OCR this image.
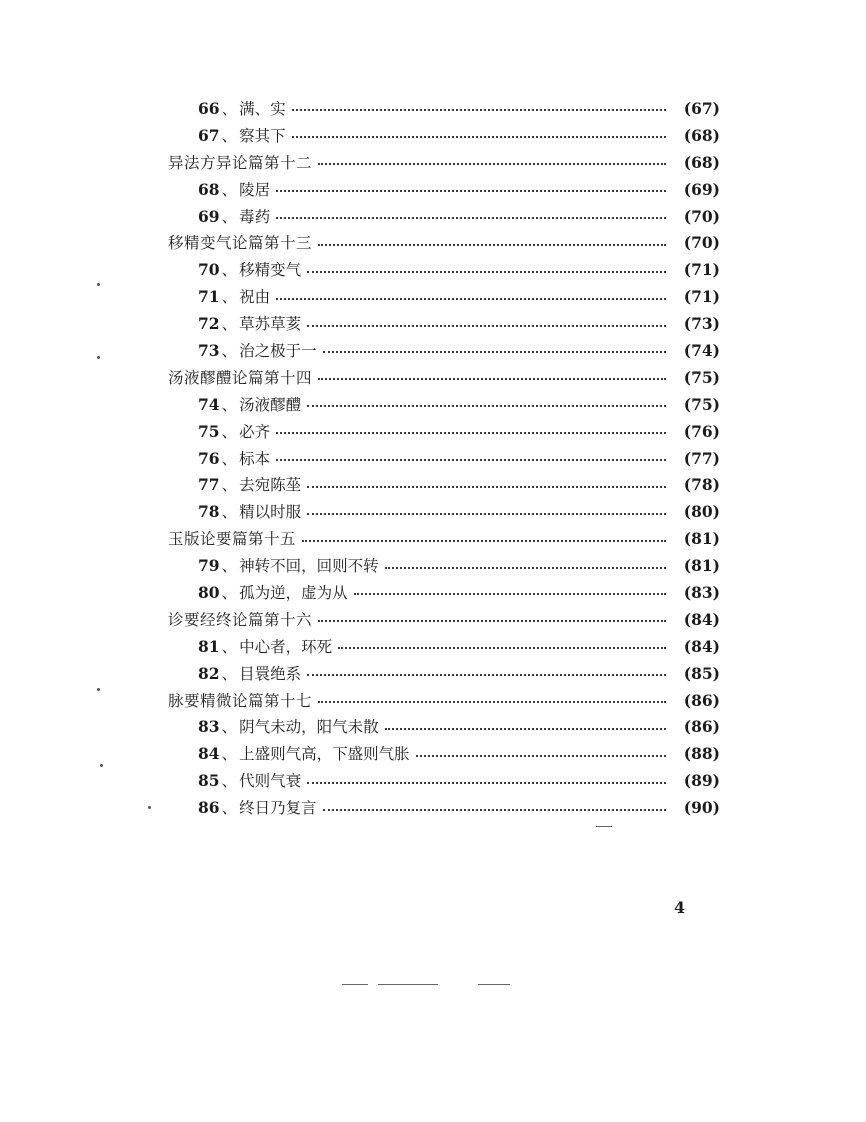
66 、 满、实	(67)
67 、 察其下	(68)
异法方异论篇第十二	(68)
68 、 陵居	(69)
69 、 毒药	(70)
移精变气论篇第十三	(70)
70 、 移精变气	(71)
71 、 祝由	(71)
72 、 草苏草荄	(73)
73 、 治之极于一	(74)
汤液醪醴论篇第十四	(75)
74 、 汤液醪醴	(75)
75 、 必齐	(76)
76 、 标本	(77)
77 、 去宛陈莝	(78)
78 、 精以时服	(80)
玉版论要篇第十五	(81)
79 、 神转不回，回则不转	(81)
80 、 孤为逆，虚为从	(83)
诊要经终论篇第十六	(84)
81 、 中心者，环死	(84)
82 、 目睘绝系	(85)
脉要精微论篇第十七	(86)
83 、 阴气未动，阳气未散	(86)
84 、 上盛则气高，下盛则气胀	(88)
85 、 代则气衰	(89)
86 、 终日乃复言	(90)
4
